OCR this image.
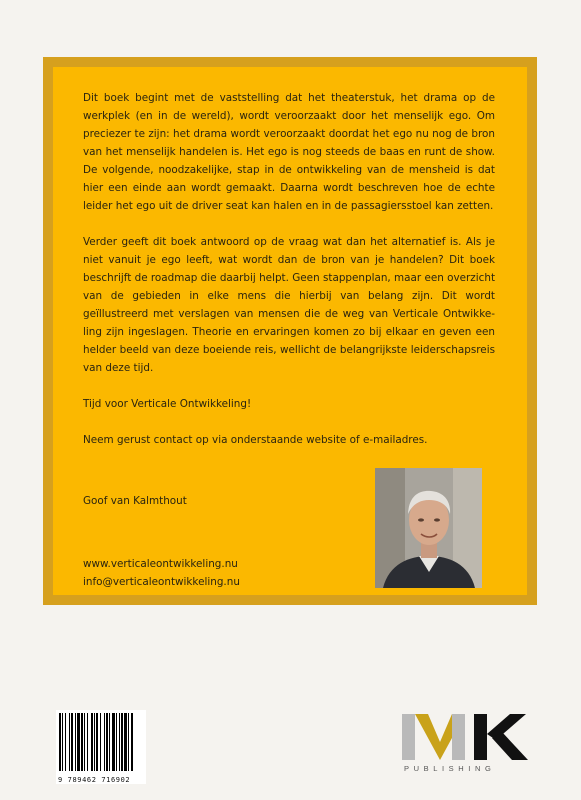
Dit boek begint met de vaststelling dat het theaterstuk, het drama op de werkplek (en in de wereld), wordt veroorzaakt door het menselijk ego. Om preciezer te zijn: het drama wordt veroorzaakt doordat het ego nu nog de bron van het menselijk handelen is. Het ego is nog steeds de baas en runt de show. De volgende, noodzakelijke, stap in de ontwikkeling van de mensheid is dat hier een einde aan wordt gemaakt. Daarna wordt beschreven hoe de echte leider het ego uit de driver seat kan halen en in de passagiersstoel kan zetten.

Verder geeft dit boek antwoord op de vraag wat dan het alternatief is. Als je niet vanuit je ego leeft, wat wordt dan de bron van je handelen? Dit boek beschrijft de roadmap die daarbij helpt. Geen stappenplan, maar een overzicht van de gebieden in elke mens die hierbij van belang zijn. Dit wordt geïllustreerd met verslagen van mensen die de weg van Verticale Ontwikkeling zijn ingeslagen. Theorie en ervaringen komen zo bij elkaar en geven een helder beeld van deze boeiende reis, wellicht de belangrijkste leiderschapsreis van deze tijd.

Tijd voor Verticale Ontwikkeling!

Neem gerust contact op via onderstaande website of e-mailadres.

Goof van Kalmthout
www.verticaleontwikkeling.nu
info@verticaleontwikkeling.nu
9 789462 716902
PUBLISHING
